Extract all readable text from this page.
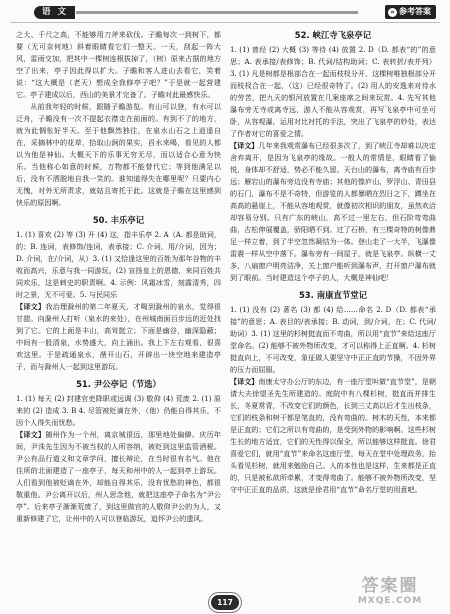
语 文	» 参考答案

之大、千尺之高，不能够用刀斧来砍伐。子瞻每次一到树下，都要（无可奈何地）斜着眼睛看它们一整天。一天，刮起一阵大风，雷雨交加，把其中一棵树连根拔掉了，（树）原来占据的地方空了出来，亭子因此得以扩大。子瞻和客人进山去看它，笑着说：“这大概是（老天）想成全我修亭子吧？”于是就一起营建它。亭子建成以后，西山的美景才完备了。子瞻对此最感快乐。

从前我年轻的时候，跟随子瞻游览。有山可以登，有水可以泛舟，子瞻没有一次不提起衣襟走在前面的。有到不了的地方，就为此惆怅好半天。至于他飘然独往，在泉水山石之上逍遥自在，采摘林中的花草，拾取山涧的果实，舀水来喝，看见的人都以为他是神仙。大概天下的乐事无穷无尽，而以适合心意为快乐。当他称心如意的时候，万物都不能替代它；等到他满足以后，没有不洒脱地自我一笑的。谁知道得失在哪里呢？只要内心无愧，对外无所责求，就姑且寄托于此。这就是子瞻在这里感到快乐的原因啊。

50. 丰乐亭记

1. (1) 喜欢 (2) 等 (3) 开 (4) 这，指丰乐亭 2. A（A. 都是助词，的；B. 连词，表修饰/连词，表承接；C. 介词，用/介词，因为；D. 介词，在/介词，从）3. (1) 又恰逢这里的百姓为那年谷物的丰收而高兴，乐意与我一同游玩。(2) 宣扬皇上的恩德，来同百姓共同欢乐，这是刺史的职责啊。4. 示例：风霜冰雪，刻露清秀，四时之景，无不可爱。5. 与民同乐

【译文】我治理滁州的第二年夏天，才喝到滁州的泉水，觉得很甘甜。向滁州人打听（泉水的来处），在州城南面百步远的近处找到了它。它的上面是丰山，高耸挺立；下面是幽谷，幽深隐蔽；中间有一股清泉，水势盛大，向上涌出。我上下左右观看，很喜欢这里。于是疏通泉水，凿开山石，开辟出一块空地来建造亭子，而与滁州人一起到这里游玩。

51. 尹公亭记（节选）

1. (1) 每天 (2) 封建官吏降职或远调 (3) 敬仰 (4) 荒废 2. (1) 原来的 (2) 造成 3. B 4. 尽管被贬谪在外，（他）仍能自得其乐，不因个人得失而忧愁。

【译文】随州作为一个州，离京城很远，那里地处偏僻。庆历年间，尹洙先生因为不被当权的人所容纳，被贬到这里监管酒税。尹公有品行道义和文章学问，擅长辩论，在当时很有名气。他在住所的北面建造了一座亭子，每天和州中的人一起到亭上游玩。人们看到他被贬谪在外，却能自得其乐，没有忧愁的神色，都很敬重他。尹公离开以后，州人思念他，就把这座亭子命名为“尹公亭”。后来亭子渐渐荒废了，到这里做官的人敬仰尹公的为人，又重新修建了它，让州中的人可以登临游玩，追怀尹公的遗风。

52. 峡江寺飞泉亭记

1. (1) 曾经 (2) 大概 (3) 等待 (4) 放置 2. D（D. 都表“的”的意思；A. 表承接/表修饰；B. 代词/结构助词；C. 表转折/表并列）3. (1) 凡是树都是根部合在一起而枝杈分开，这棵树唯独根部分开而枝杈合在一起，（这）已经很奇特了。(2) 用人的安逸来对待水的劳苦，把九天的银河放置在几案座席之间来玩赏。4. 先写其他瀑布旁无寺或离寺远，游人不能从容观赏，再写飞泉亭中可坐可卧，从容观瀑，运用对比衬托的手法，突出了飞泉亭的妙处，表达了作者对它的喜爱之情。

【译文】几年来我观赏瀑布已经很多次了，到了峡江寺却难以决定舍弃离开，是因为飞泉亭的缘故。一般人的常情是，眼睛看了愉悦，身体却不舒适，势必不能久留。天台山的瀑布，离寺庙有百步远；雁宕山的瀑布旁边没有寺庙；其他的像庐山、罗浮山、青田县的石门，瀑布不是不奇特，但游览的人都暴晒在烈日之下，蹲坐在高高的悬崖上，不能从容地观赏，就像初次相识的朋友，虽然欢洽却容易分别。只有广东的峡山，高不过一里左右，但石阶弯弯曲曲，古松伸展覆盖，骄阳晒不到。过了石桥，有三棵奇特的树像鼎足一样立着，到了半空忽然凝结为一体。登山走了一大半，飞瀑像雷震一样从空中落下。瀑布旁有一间屋子，就是飞泉亭。纵横一丈多，八扇窗户明亮洁净，关上窗户能听到瀑布声，打开窗户瀑布就到了眼前。当时建造这个亭子的人，大概是神仙吧！

53. 南康直节堂记

1. (1) 没有 (2) 著名 (3) 都 (4) 给……命名 2. D（D. 都表“承接”的意思；A. 表目的/表承接；B. 动词，到/介词，在；C. 代词/助词）3. (1) 这里的杉树挺直而不弯曲，所以用“直节”来给这座厅堂命名。(2) 能够不被外物所改变，才可以称得上正直啊。4. 杉树挺直向上，不可改变，象征做人要坚守中正正直的节操，不因外界的压力而屈服。

【译文】南康太守办公厅的东边，有一座厅堂叫做“直节堂”，是朝请大夫徐望圣先生所建造的。庭院中有八棵杉树，挺直而并排生长，冬夏常青，不改变它们的颜色，长到三丈高以后才生出枝条，它们的枝条和树干都是笔直的，没有弯曲的。树木的天性，本来都是正直的；它们之所以有弯曲的，是受到外物的影响啊。这些杉树生长的地方适宜，它们的天性得以保全，所以能够这样挺直。徐君喜爱它们，就用“直节”来命名这座厅堂，每天在堂中处理政务，抬头看见杉树，就用来勉励自己。人的本性也是这样，生来都是正直的，只是被私欲所牵累，才变得弯曲了。能够不被外物所改变，坚守中正正直的品质，这就是徐君用“直节”命名厅堂的用意吧。

117
答案圈
MXQE.COM
